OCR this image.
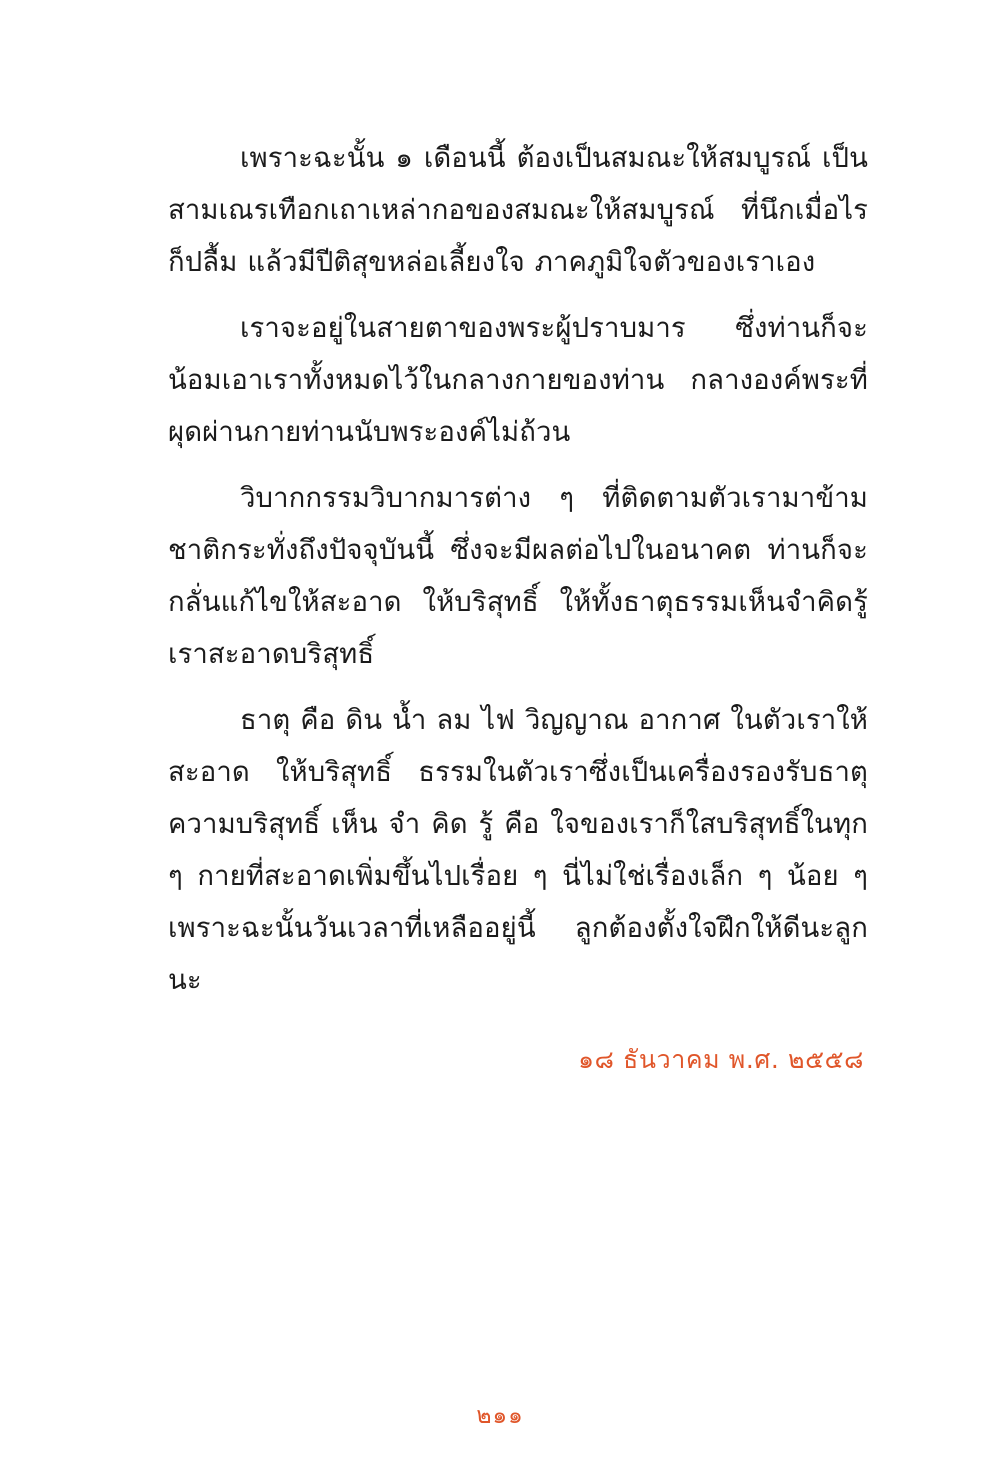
เพราะฉะนั้น ๑ เดือนนี้ ต้องเป็นสมณะให้สมบูรณ์ เป็นสามเณรเทือกเถาเหล่ากอของสมณะให้สมบูรณ์ ที่นึกเมื่อไรก็ปลื้ม แล้วมีปีติสุขหล่อเลี้ยงใจ ภาคภูมิใจตัวของเราเอง

เราจะอยู่ในสายตาของพระผู้ปราบมาร ซึ่งท่านก็จะน้อมเอาเราทั้งหมดไว้ในกลางกายของท่าน กลางองค์พระที่ผุดผ่านกายท่านนับพระองค์ไม่ถ้วน

วิบากกรรมวิบากมารต่าง ๆ ที่ติดตามตัวเรามาข้ามชาติกระทั่งถึงปัจจุบันนี้ ซึ่งจะมีผลต่อไปในอนาคต ท่านก็จะกลั่นแก้ไขให้สะอาด ให้บริสุทธิ์ ให้ทั้งธาตุธรรมเห็นจำคิดรู้เราสะอาดบริสุทธิ์

ธาตุ คือ ดิน น้ำ ลม ไฟ วิญญาณ อากาศ ในตัวเราให้สะอาด ให้บริสุทธิ์ ธรรมในตัวเราซึ่งเป็นเครื่องรองรับธาตุความบริสุทธิ์ เห็น จำ คิด รู้ คือ ใจของเราก็ใสบริสุทธิ์ในทุก ๆ กายที่สะอาดเพิ่มขึ้นไปเรื่อย ๆ นี่ไม่ใช่เรื่องเล็ก ๆ น้อย ๆ เพราะฉะนั้นวันเวลาที่เหลืออยู่นี้ ลูกต้องตั้งใจฝึกให้ดีนะลูกนะ

๑๘ ธันวาคม พ.ศ. ๒๕๕๘
๒๑๑
